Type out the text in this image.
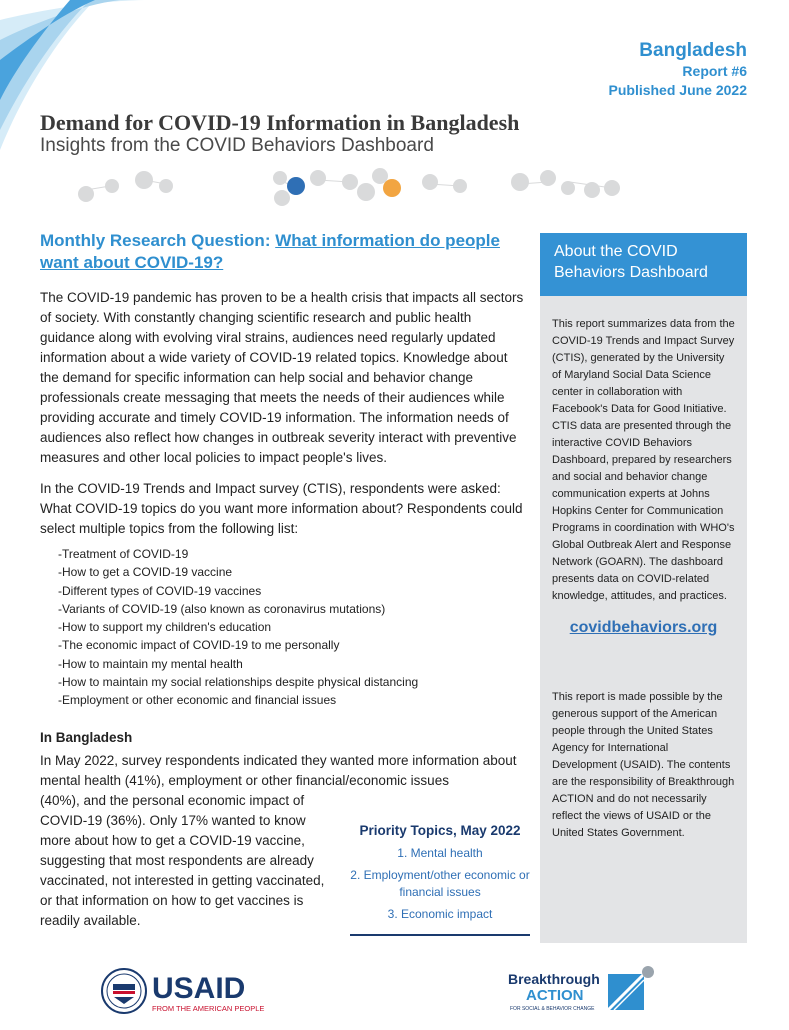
Bangladesh
Report #6
Published June 2022
Demand for COVID-19 Information in Bangladesh
Insights from the COVID Behaviors Dashboard
Monthly Research Question: What information do people want about COVID-19?

The COVID-19 pandemic has proven to be a health crisis that impacts all sectors of society. With constantly changing scientific research and public health guidance along with evolving viral strains, audiences need regularly updated information about a wide variety of COVID-19 related topics. Knowledge about the demand for specific information can help social and behavior change professionals create messaging that meets the needs of their audiences while providing accurate and timely COVID-19 information. The information needs of audiences also reflect how changes in outbreak severity interact with preventive measures and other local policies to impact people's lives.

In the COVID-19 Trends and Impact survey (CTIS), respondents were asked: What COVID-19 topics do you want more information about? Respondents could select multiple topics from the following list:

-Treatment of COVID-19
-How to get a COVID-19 vaccine
-Different types of COVID-19 vaccines
-Variants of COVID-19 (also known as coronavirus mutations)
-How to support my children's education
-The economic impact of COVID-19 to me personally
-How to maintain my mental health
-How to maintain my social relationships despite physical distancing
-Employment or other economic and financial issues
In Bangladesh

In May 2022, survey respondents indicated they wanted more information about mental health (41%), employment or other financial/economic issues

(40%), and the personal economic impact of COVID-19 (36%). Only 17% wanted to know more about how to get a COVID-19 vaccine, suggesting that most respondents are already vaccinated, not interested in getting vaccinated, or that information on how to get vaccines is readily available.

Priority Topics, May 2022
1. Mental health
2. Employment/other economic or financial issues
3. Economic impact
About the COVID Behaviors Dashboard

This report summarizes data from the COVID-19 Trends and Impact Survey (CTIS), generated by the University of Maryland Social Data Science center in collaboration with Facebook's Data for Good Initiative. CTIS data are presented through the interactive COVID Behaviors Dashboard, prepared by researchers and social and behavior change communication experts at Johns Hopkins Center for Communication Programs in coordination with WHO's Global Outbreak Alert and Response Network (GOARN). The dashboard presents data on COVID-related knowledge, attitudes, and practices.

covidbehaviors.org

This report is made possible by the generous support of the American people through the United States Agency for International Development (USAID). The contents are the responsibility of Breakthrough ACTION and do not necessarily reflect the views of USAID or the United States Government.

USAID
FROM THE AMERICAN PEOPLE
Breakthrough
ACTION
FOR SOCIAL & BEHAVIOR CHANGE
